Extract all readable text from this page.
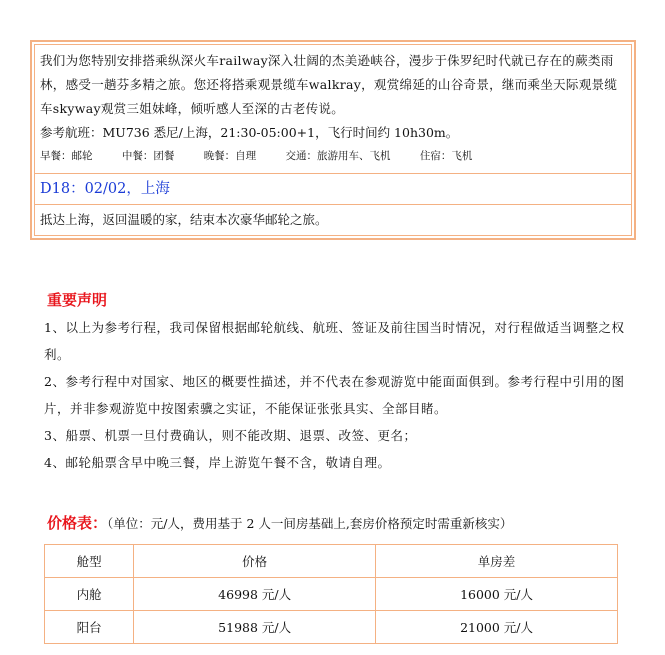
我们为您特别安排搭乘纵深火车railway深入壮阔的杰美逊峡谷，漫步于侏罗纪时代就已存在的蕨类雨林，感受一趟芬多精之旅。您还将搭乘观景缆车walkray，观赏绵延的山谷奇景，继而乘坐天际观景缆车skyway观赏三姐妹峰，倾听感人至深的古老传说。
参考航班：MU736 悉尼/上海，21:30-05:00+1，飞行时间约 10h30m。
早餐：邮轮	中餐：团餐	晚餐：自理	交通：旅游用车、飞机	住宿：飞机
D18：02/02，上海
抵达上海，返回温暖的家，结束本次豪华邮轮之旅。
重要声明
1、以上为参考行程，我司保留根据邮轮航线、航班、签证及前往国当时情况，对行程做适当调整之权利。
2、参考行程中对国家、地区的概要性描述，并不代表在参观游览中能面面俱到。参考行程中引用的图片，并非参观游览中按图索骥之实证，不能保证张张具实、全部目睹。
3、船票、机票一旦付费确认，则不能改期、退票、改签、更名；
4、邮轮船票含早中晚三餐，岸上游览午餐不含，敬请自理。
价格表：（单位：元/人，费用基于 2 人一间房基础上,套房价格预定时需重新核实）
舱型	价格	单房差
内舱	46998 元/人	16000 元/人
阳台	51988 元/人	21000 元/人
